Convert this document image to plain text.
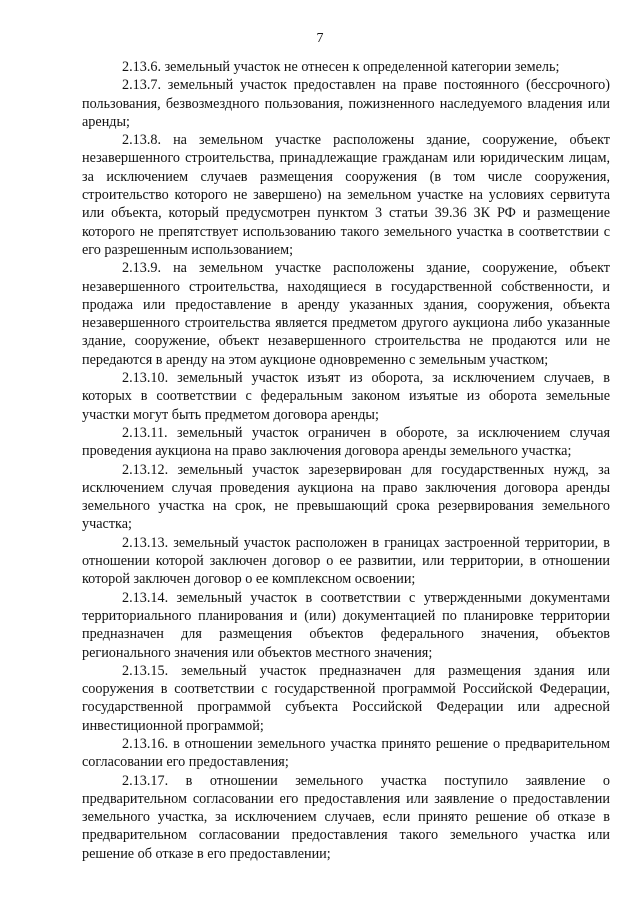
7

2.13.6. земельный участок не отнесен к определенной категории земель;

2.13.7. земельный участок предоставлен на праве постоянного (бессрочного) пользования, безвозмездного пользования, пожизненного наследуемого владения или аренды;

2.13.8. на земельном участке расположены здание, сооружение, объект незавершенного строительства, принадлежащие гражданам или юридическим лицам, за исключением случаев размещения сооружения (в том числе сооружения, строительство которого не завершено) на земельном участке на условиях сервитута или объекта, который предусмотрен пунктом 3 статьи 39.36 ЗК РФ и размещение которого не препятствует использованию такого земельного участка в соответствии с его разрешенным использованием;

2.13.9. на земельном участке расположены здание, сооружение, объект незавершенного строительства, находящиеся в государственной собственности, и продажа или предоставление в аренду указанных здания, сооружения, объекта незавершенного строительства является предметом другого аукциона либо указанные здание, сооружение, объект незавершенного строительства не продаются или не передаются в аренду на этом аукционе одновременно с земельным участком;

2.13.10. земельный участок изъят из оборота, за исключением случаев, в которых в соответствии с федеральным законом изъятые из оборота земельные участки могут быть предметом договора аренды;

2.13.11. земельный участок ограничен в обороте, за исключением случая проведения аукциона на право заключения договора аренды земельного участка;

2.13.12. земельный участок зарезервирован для государственных нужд, за исключением случая проведения аукциона на право заключения договора аренды земельного участка на срок, не превышающий срока резервирования земельного участка;

2.13.13. земельный участок расположен в границах застроенной территории, в отношении которой заключен договор о ее развитии, или территории, в отношении которой заключен договор о ее комплексном освоении;

2.13.14. земельный участок в соответствии с утвержденными документами территориального планирования и (или) документацией по планировке территории предназначен для размещения объектов федерального значения, объектов регионального значения или объектов местного значения;

2.13.15. земельный участок предназначен для размещения здания или сооружения в соответствии с государственной программой Российской Федерации, государственной программой субъекта Российской Федерации или адресной инвестиционной программой;

2.13.16. в отношении земельного участка принято решение о предварительном согласовании его предоставления;

2.13.17. в отношении земельного участка поступило заявление о предварительном согласовании его предоставления или заявление о предоставлении земельного участка, за исключением случаев, если принято решение об отказе в предварительном согласовании предоставления такого земельного участка или решение об отказе в его предоставлении;
